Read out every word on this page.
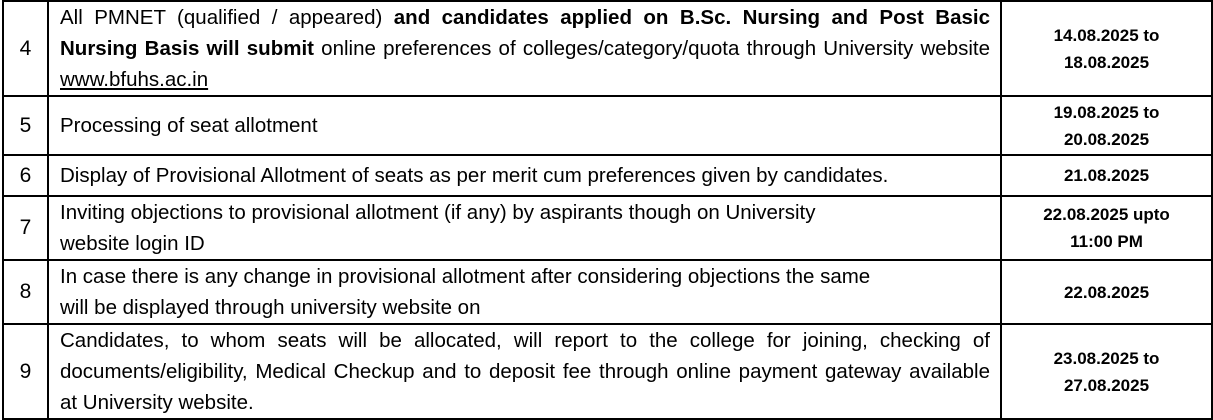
4	All PMNET (qualified / appeared) and candidates applied on B.Sc. Nursing and Post Basic Nursing Basis will submit online preferences of colleges/category/quota through University website www.bfuhs.ac.in	14.08.2025 to
18.08.2025
5	Processing of seat allotment	19.08.2025 to
20.08.2025
6	Display of Provisional Allotment of seats as per merit cum preferences given by candidates.	21.08.2025
7	Inviting objections to provisional allotment (if any) by aspirants though on University
website login ID	22.08.2025 upto
11:00 PM
8	In case there is any change in provisional allotment after considering objections the same
will be displayed through university website on	22.08.2025
9	Candidates, to whom seats will be allocated, will report to the college for joining, checking of documents/eligibility, Medical Checkup and to deposit fee through online payment gateway available at University website.	23.08.2025 to
27.08.2025
